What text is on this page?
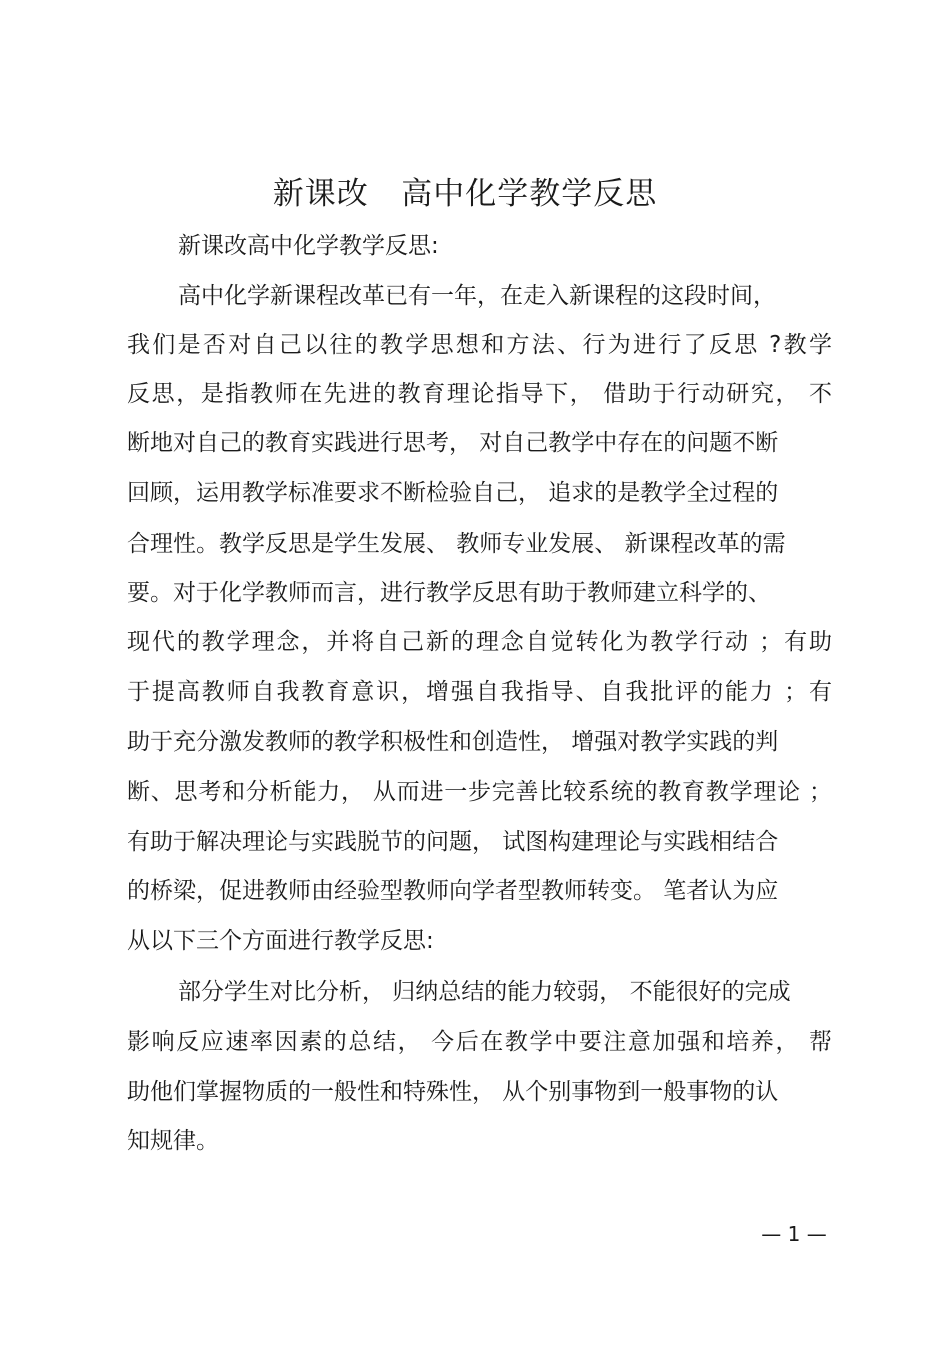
新课改   高中化学教学反思
新课改高中化学教学反思:
高中化学新课程改革已有一年，在走入新课程的这段时间，
我们是否对自己以往的教学思想和方法、行为进行了反思 ?教学
反思，是指教师在先进的教育理论指导下， 借助于行动研究， 不
断地对自己的教育实践进行思考， 对自己教学中存在的问题不断
回顾，运用教学标准要求不断检验自己， 追求的是教学全过程的
合理性。教学反思是学生发展、 教师专业发展、 新课程改革的需
要。对于化学教师而言，进行教学反思有助于教师建立科学的、
现代的教学理念，并将自己新的理念自觉转化为教学行动 ；有助
于提高教师自我教育意识，增强自我指导、自我批评的能力 ；有
助于充分激发教师的教学积极性和创造性， 增强对教学实践的判
断、思考和分析能力， 从而进一步完善比较系统的教育教学理论 ；
有助于解决理论与实践脱节的问题， 试图构建理论与实践相结合
的桥梁，促进教师由经验型教师向学者型教师转变。 笔者认为应
从以下三个方面进行教学反思:
部分学生对比分析， 归纳总结的能力较弱， 不能很好的完成
影响反应速率因素的总结， 今后在教学中要注意加强和培养， 帮
助他们掌握物质的一般性和特殊性， 从个别事物到一般事物的认
知规律。
— 1 —
